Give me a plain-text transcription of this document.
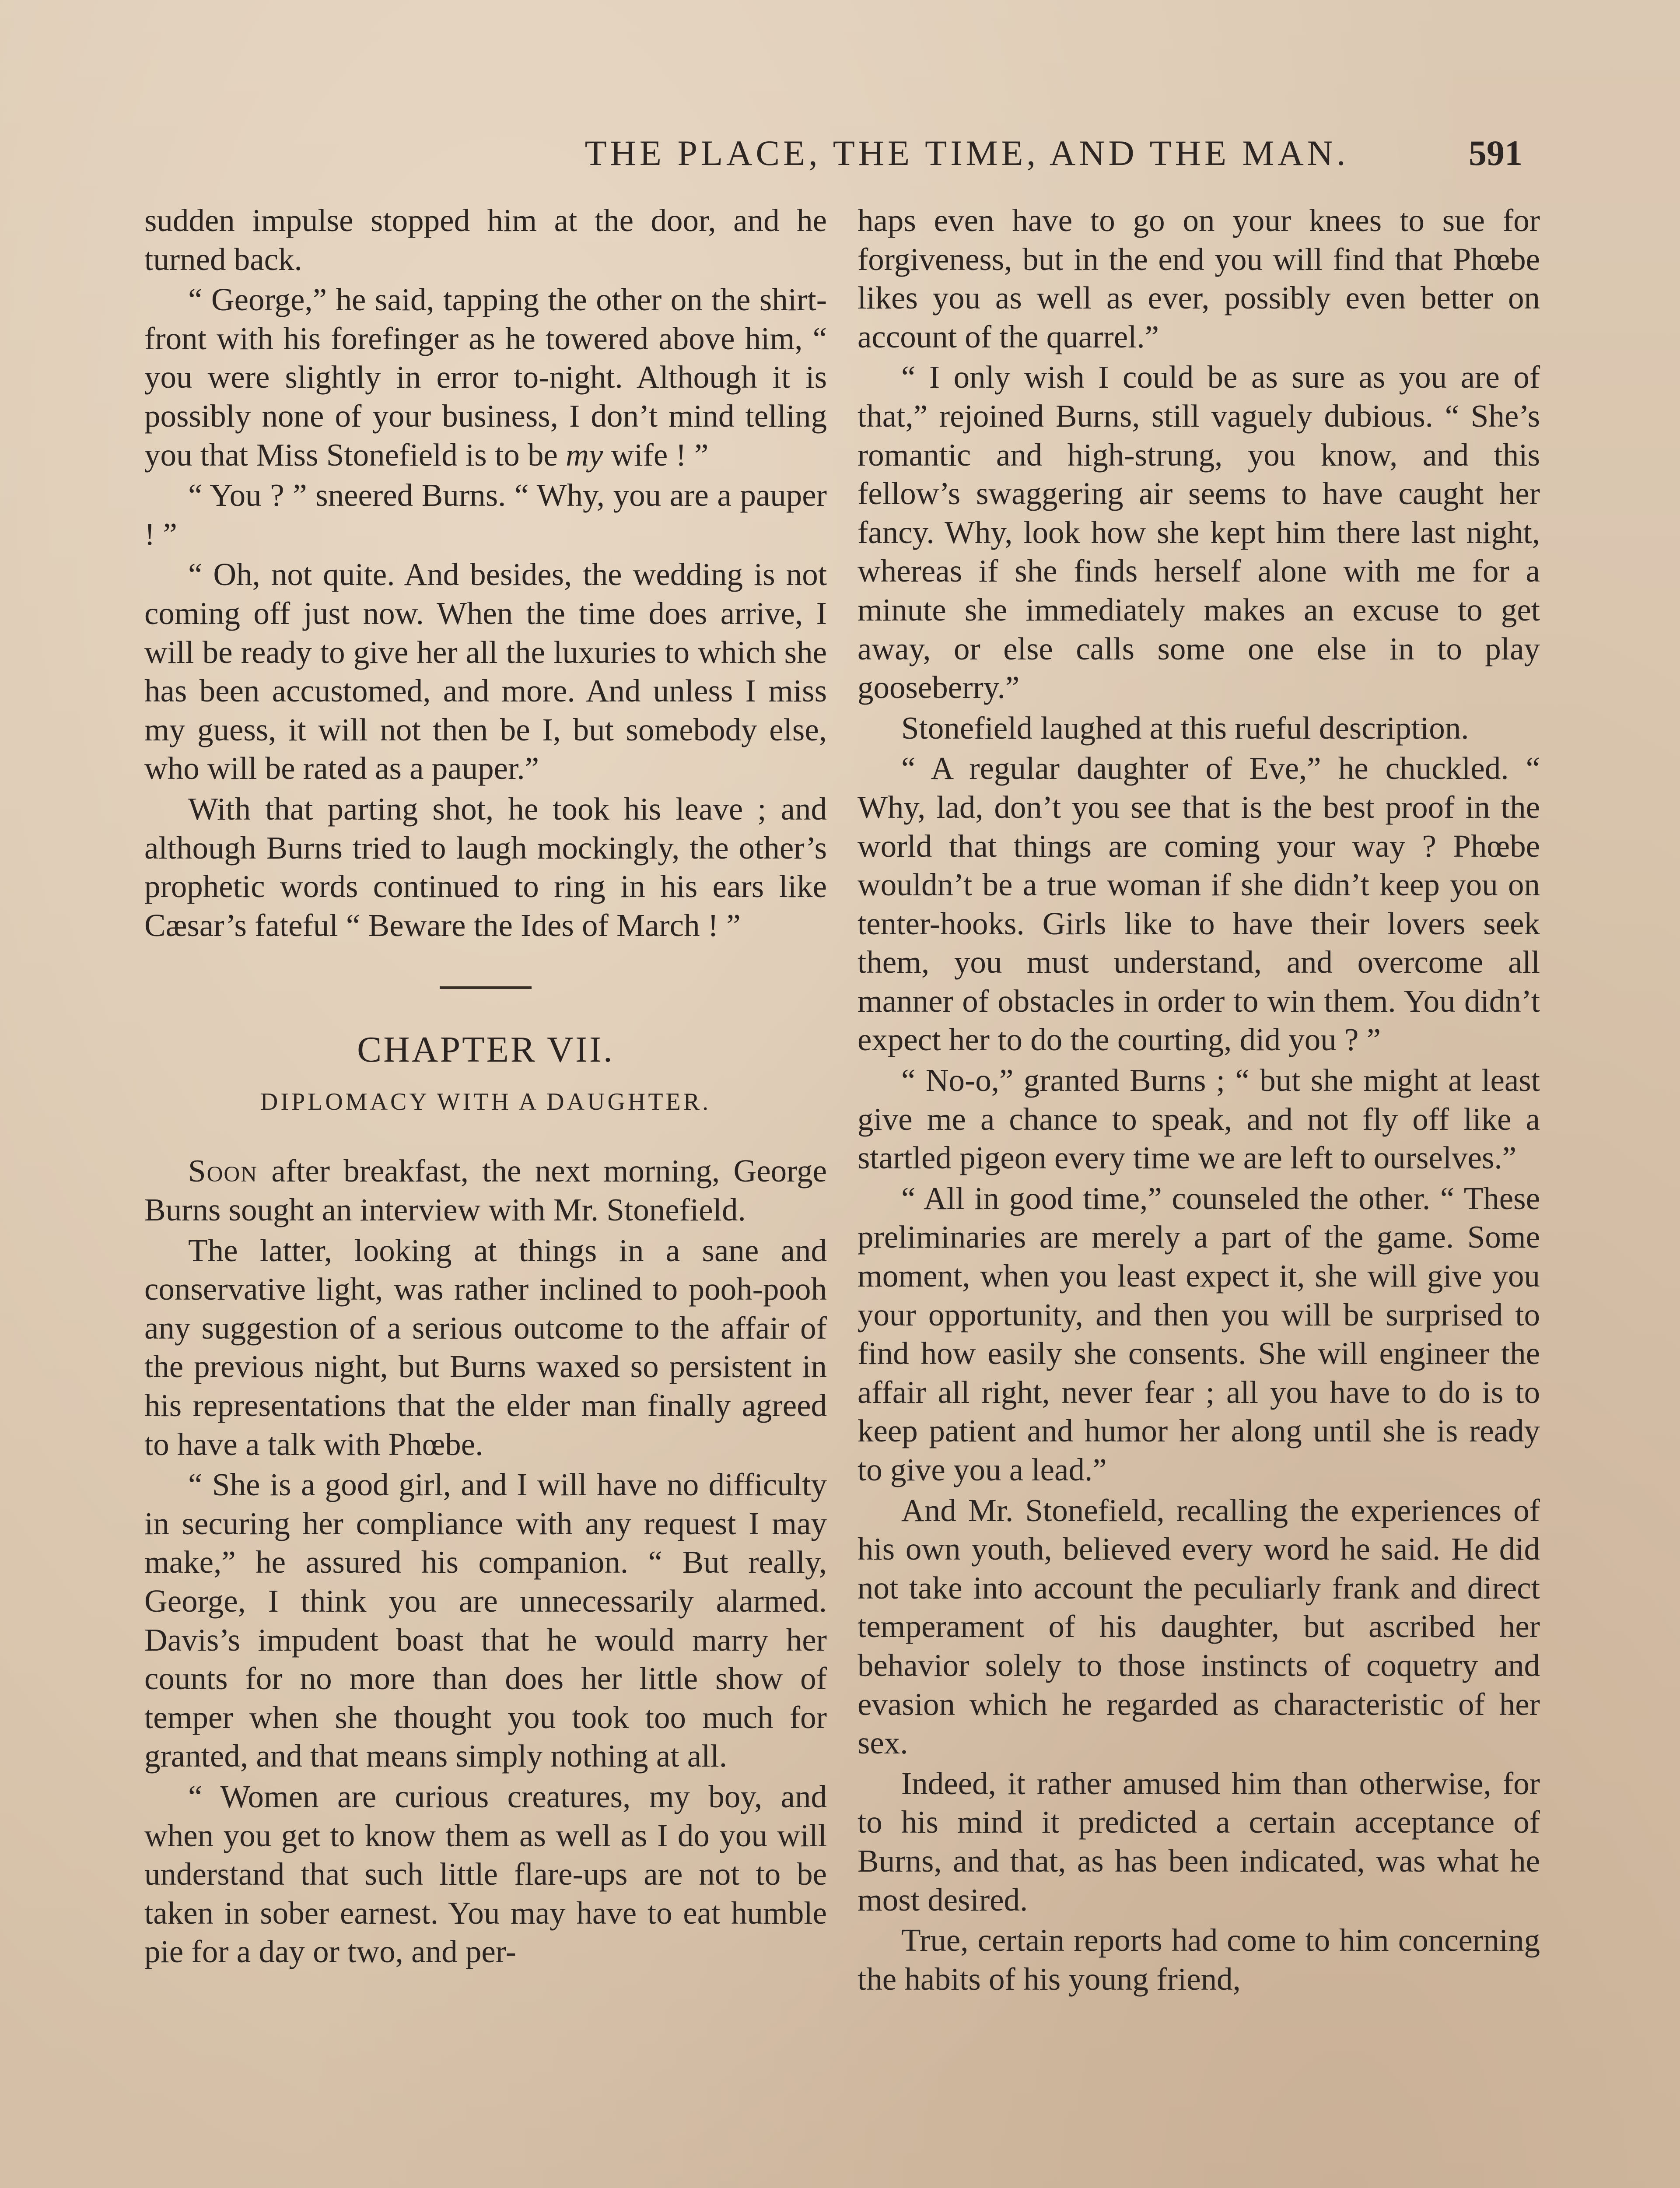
THE PLACE, THE TIME, AND THE MAN.	591

sudden impulse stopped him at the door, and he turned back.

“ George,” he said, tapping the other on the shirt-front with his forefinger as he towered above him, “ you were slightly in error to-night. Although it is possibly none of your business, I don’t mind telling you that Miss Stonefield is to be my wife ! ”

“ You ? ” sneered Burns. “ Why, you are a pauper ! ”

“ Oh, not quite. And besides, the wedding is not coming off just now. When the time does arrive, I will be ready to give her all the luxuries to which she has been accustomed, and more. And unless I miss my guess, it will not then be I, but somebody else, who will be rated as a pauper.”

With that parting shot, he took his leave ; and although Burns tried to laugh mockingly, the other’s prophetic words continued to ring in his ears like Cæsar’s fateful “ Beware the Ides of March ! ”

CHAPTER VII.
DIPLOMACY WITH A DAUGHTER.

Soon after breakfast, the next morning, George Burns sought an interview with Mr. Stonefield.

The latter, looking at things in a sane and conservative light, was rather inclined to pooh-pooh any suggestion of a serious outcome to the affair of the previous night, but Burns waxed so persistent in his representations that the elder man finally agreed to have a talk with Phœbe.

“ She is a good girl, and I will have no difficulty in securing her compliance with any request I may make,” he assured his companion. “ But really, George, I think you are unnecessarily alarmed. Davis’s impudent boast that he would marry her counts for no more than does her little show of temper when she thought you took too much for granted, and that means simply nothing at all.

“ Women are curious creatures, my boy, and when you get to know them as well as I do you will understand that such little flare-ups are not to be taken in sober earnest. You may have to eat humble pie for a day or two, and per-

haps even have to go on your knees to sue for forgiveness, but in the end you will find that Phœbe likes you as well as ever, possibly even better on account of the quarrel.”

“ I only wish I could be as sure as you are of that,” rejoined Burns, still vaguely dubious. “ She’s romantic and high-strung, you know, and this fellow’s swaggering air seems to have caught her fancy. Why, look how she kept him there last night, whereas if she finds herself alone with me for a minute she immediately makes an excuse to get away, or else calls some one else in to play gooseberry.”

Stonefield laughed at this rueful description.

“ A regular daughter of Eve,” he chuckled. “ Why, lad, don’t you see that is the best proof in the world that things are coming your way ? Phœbe wouldn’t be a true woman if she didn’t keep you on tenter-hooks. Girls like to have their lovers seek them, you must understand, and overcome all manner of obstacles in order to win them. You didn’t expect her to do the courting, did you ? ”

“ No-o,” granted Burns ; “ but she might at least give me a chance to speak, and not fly off like a startled pigeon every time we are left to ourselves.”

“ All in good time,” counseled the other. “ These preliminaries are merely a part of the game. Some moment, when you least expect it, she will give you your opportunity, and then you will be surprised to find how easily she consents. She will engineer the affair all right, never fear ; all you have to do is to keep patient and humor her along until she is ready to give you a lead.”

And Mr. Stonefield, recalling the experiences of his own youth, believed every word he said. He did not take into account the peculiarly frank and direct temperament of his daughter, but ascribed her behavior solely to those instincts of coquetry and evasion which he regarded as characteristic of her sex.

Indeed, it rather amused him than otherwise, for to his mind it predicted a certain acceptance of Burns, and that, as has been indicated, was what he most desired.

True, certain reports had come to him concerning the habits of his young friend,
